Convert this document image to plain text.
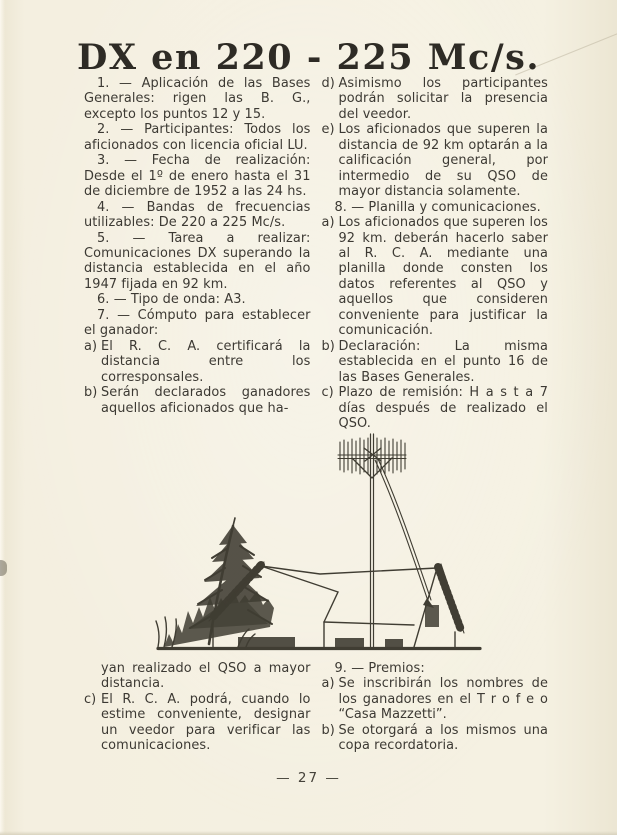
DX en 220 - 225 Mc/s.
1. — Aplicación de las Bases Generales: rigen las B. G., excepto los puntos 12 y 15.
2. — Participantes: Todos los aficionados con licencia oficial LU.
3. — Fecha de realización: Desde el 1º de enero hasta el 31 de diciembre de 1952 a las 24 hs.
4. — Bandas de frecuencias utilizables: De 220 a 225 Mc/s.
5. — Tarea a realizar: Comunicaciones DX superando la distancia establecida en el año 1947 fijada en 92 km.
6. — Tipo de onda: A3.
7. — Cómputo para establecer el ganador:
a) El R. C. A. certificará la distancia entre los corresponsales.
b) Serán declarados ganadores aquellos aficionados que ha-
d) Asimismo los participantes podrán solicitar la presencia del veedor.
e) Los aficionados que superen la distancia de 92 km optarán a la calificación general, por intermedio de su QSO de mayor distancia solamente.
8. — Planilla y comunicaciones.
a) Los aficionados que superen los 92 km. deberán hacerlo saber al R. C. A. mediante una planilla donde consten los datos referentes al QSO y aquellos que consideren conveniente para justificar la comunicación.
b) Declaración: La misma establecida en el punto 16 de las Bases Generales.
c) Plazo de remisión: H a s t a 7 días después de realizado el QSO.
yan realizado el QSO a mayor distancia.
c) El R. C. A. podrá, cuando lo estime conveniente, designar un veedor para verificar las comunicaciones.
9. — Premios:
a) Se inscribirán los nombres de los ganadores en el T r o f e o “Casa Mazzetti”.
b) Se otorgará a los mismos una copa recordatoria.
— 27 —
